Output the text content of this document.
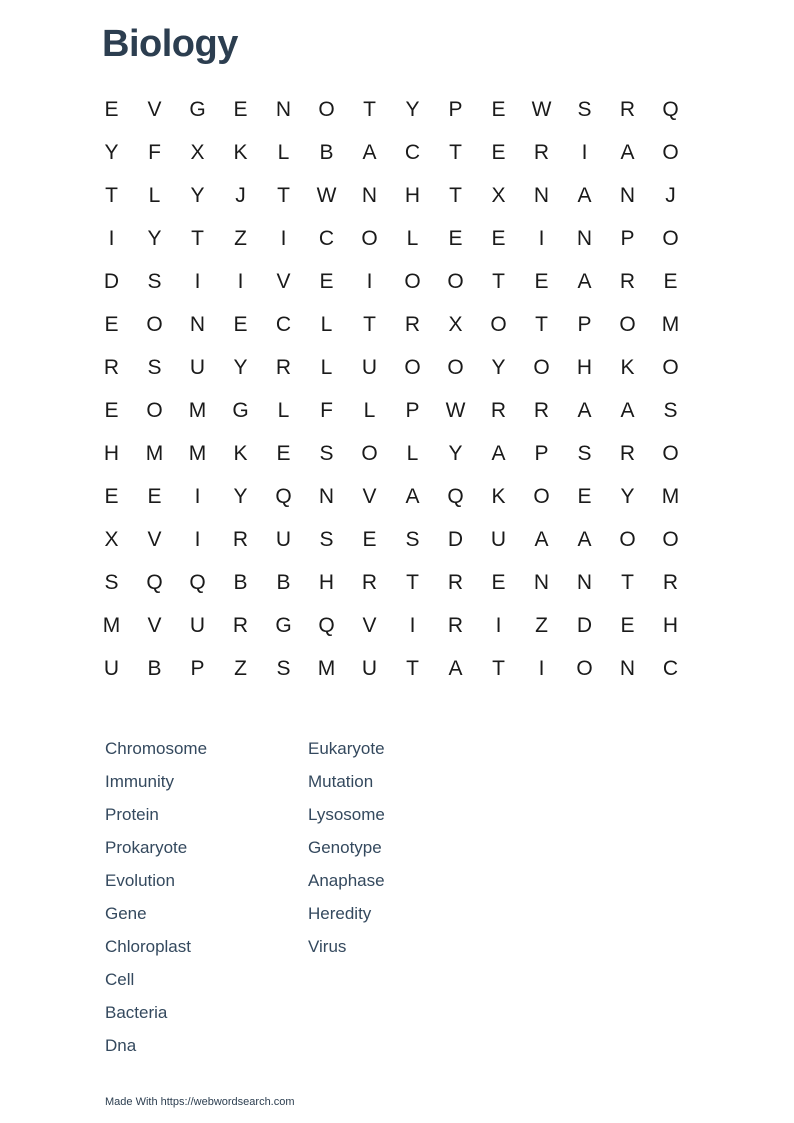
Biology
E	V	G	E	N	O	T	Y	P	E	W	S	R	Q
Y	F	X	K	L	B	A	C	T	E	R	I	A	O
T	L	Y	J	T	W	N	H	T	X	N	A	N	J
I	Y	T	Z	I	C	O	L	E	E	I	N	P	O
D	S	I	I	V	E	I	O	O	T	E	A	R	E
E	O	N	E	C	L	T	R	X	O	T	P	O	M
R	S	U	Y	R	L	U	O	O	Y	O	H	K	O
E	O	M	G	L	F	L	P	W	R	R	A	A	S
H	M	M	K	E	S	O	L	Y	A	P	S	R	O
E	E	I	Y	Q	N	V	A	Q	K	O	E	Y	M
X	V	I	R	U	S	E	S	D	U	A	A	O	O
S	Q	Q	B	B	H	R	T	R	E	N	N	T	R
M	V	U	R	G	Q	V	I	R	I	Z	D	E	H
U	B	P	Z	S	M	U	T	A	T	I	O	N	C
Chromosome
Immunity
Protein
Prokaryote
Evolution
Gene
Chloroplast
Cell
Bacteria
Dna
Eukaryote
Mutation
Lysosome
Genotype
Anaphase
Heredity
Virus
Made With https://webwordsearch.com
